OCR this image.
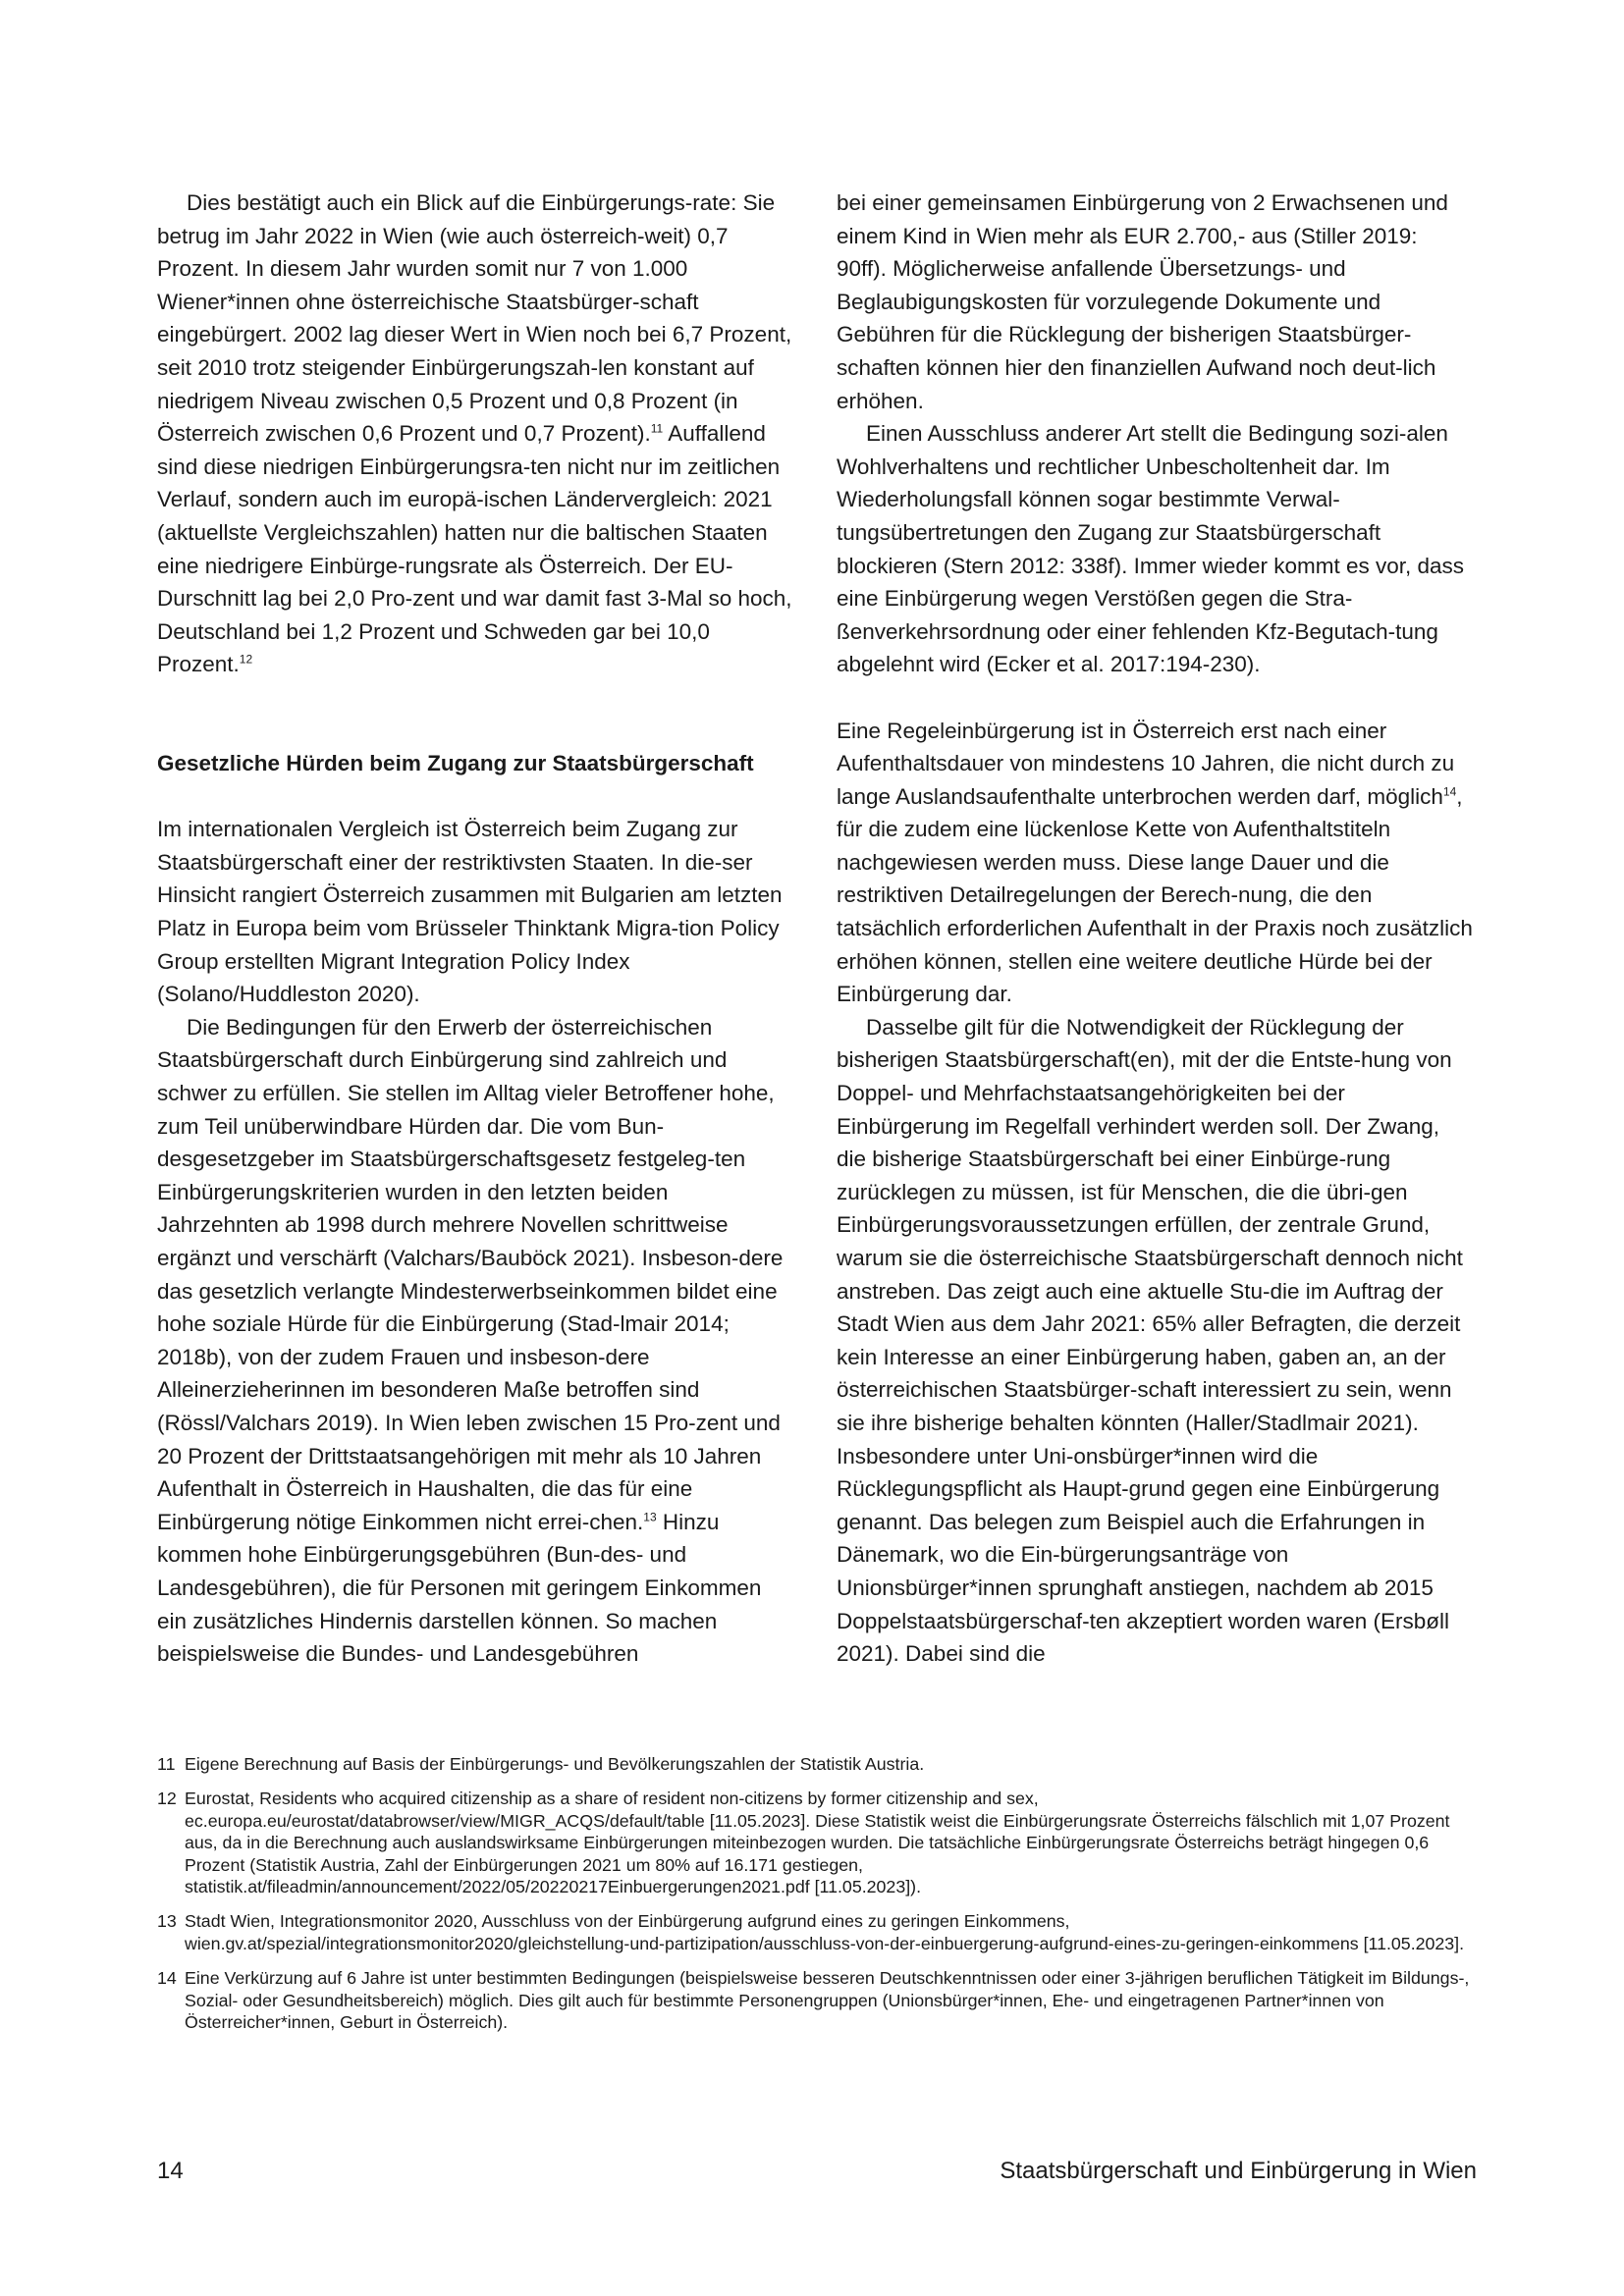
Dies bestätigt auch ein Blick auf die Einbürgerungs-rate: Sie betrug im Jahr 2022 in Wien (wie auch österreich-weit) 0,7 Prozent. In diesem Jahr wurden somit nur 7 von 1.000 Wiener*innen ohne österreichische Staatsbürger-schaft eingebürgert. 2002 lag dieser Wert in Wien noch bei 6,7 Prozent, seit 2010 trotz steigender Einbürgerungszah-len konstant auf niedrigem Niveau zwischen 0,5 Prozent und 0,8 Prozent (in Österreich zwischen 0,6 Prozent und 0,7 Prozent).$^{11}$ Auffallend sind diese niedrigen Einbürgerungsra-ten nicht nur im zeitlichen Verlauf, sondern auch im europä-ischen Ländervergleich: 2021 (aktuellste Vergleichszahlen) hatten nur die baltischen Staaten eine niedrigere Einbürge-rungsrate als Österreich. Der EU-Durschnitt lag bei 2,0 Pro-zent und war damit fast 3-Mal so hoch, Deutschland bei 1,2 Prozent und Schweden gar bei 10,0 Prozent.$^{12}$

Gesetzliche Hürden beim Zugang zur Staatsbürgerschaft

Im internationalen Vergleich ist Österreich beim Zugang zur Staatsbürgerschaft einer der restriktivsten Staaten. In die-ser Hinsicht rangiert Österreich zusammen mit Bulgarien am letzten Platz in Europa beim vom Brüsseler Thinktank Migra-tion Policy Group erstellten Migrant Integration Policy Index (Solano/Huddleston 2020).

Die Bedingungen für den Erwerb der österreichischen Staatsbürgerschaft durch Einbürgerung sind zahlreich und schwer zu erfüllen. Sie stellen im Alltag vieler Betroffener hohe, zum Teil unüberwindbare Hürden dar. Die vom Bun-desgesetzgeber im Staatsbürgerschaftsgesetz festgeleg-ten Einbürgerungskriterien wurden in den letzten beiden Jahrzehnten ab 1998 durch mehrere Novellen schrittweise ergänzt und verschärft (Valchars/Bauböck 2021). Insbeson-dere das gesetzlich verlangte Mindesterwerbseinkommen bildet eine hohe soziale Hürde für die Einbürgerung (Stad-lmair 2014; 2018b), von der zudem Frauen und insbeson-dere Alleinerzieherinnen im besonderen Maße betroffen sind (Rössl/Valchars 2019). In Wien leben zwischen 15 Pro-zent und 20 Prozent der Drittstaatsangehörigen mit mehr als 10 Jahren Aufenthalt in Österreich in Haushalten, die das für eine Einbürgerung nötige Einkommen nicht errei-chen.$^{13}$ Hinzu kommen hohe Einbürgerungsgebühren (Bun-des- und Landesgebühren), die für Personen mit geringem Einkommen ein zusätzliches Hindernis darstellen können. So machen beispielsweise die Bundes- und Landesgebühren

bei einer gemeinsamen Einbürgerung von 2 Erwachsenen und einem Kind in Wien mehr als EUR 2.700,- aus (Stiller 2019: 90ff). Möglicherweise anfallende Übersetzungs- und Beglaubigungskosten für vorzulegende Dokumente und Gebühren für die Rücklegung der bisherigen Staatsbürger-schaften können hier den finanziellen Aufwand noch deut-lich erhöhen.

Einen Ausschluss anderer Art stellt die Bedingung sozi-alen Wohlverhaltens und rechtlicher Unbescholtenheit dar. Im Wiederholungsfall können sogar bestimmte Verwal-tungsübertretungen den Zugang zur Staatsbürgerschaft blockieren (Stern 2012: 338f). Immer wieder kommt es vor, dass eine Einbürgerung wegen Verstößen gegen die Stra-ßenverkehrsordnung oder einer fehlenden Kfz-Begutach-tung abgelehnt wird (Ecker et al. 2017:194-230).

Eine Regeleinbürgerung ist in Österreich erst nach einer Aufenthaltsdauer von mindestens 10 Jahren, die nicht durch zu lange Auslandsaufenthalte unterbrochen werden darf, möglich$^{14}$, für die zudem eine lückenlose Kette von Aufenthaltstiteln nachgewiesen werden muss. Diese lange Dauer und die restriktiven Detailregelungen der Berech-nung, die den tatsächlich erforderlichen Aufenthalt in der Praxis noch zusätzlich erhöhen können, stellen eine weitere deutliche Hürde bei der Einbürgerung dar.

Dasselbe gilt für die Notwendigkeit der Rücklegung der bisherigen Staatsbürgerschaft(en), mit der die Entste-hung von Doppel- und Mehrfachstaatsangehörigkeiten bei der Einbürgerung im Regelfall verhindert werden soll. Der Zwang, die bisherige Staatsbürgerschaft bei einer Einbürge-rung zurücklegen zu müssen, ist für Menschen, die die übri-gen Einbürgerungsvoraussetzungen erfüllen, der zentrale Grund, warum sie die österreichische Staatsbürgerschaft dennoch nicht anstreben. Das zeigt auch eine aktuelle Stu-die im Auftrag der Stadt Wien aus dem Jahr 2021: 65% aller Befragten, die derzeit kein Interesse an einer Einbürgerung haben, gaben an, an der österreichischen Staatsbürger-schaft interessiert zu sein, wenn sie ihre bisherige behalten könnten (Haller/Stadlmair 2021). Insbesondere unter Uni-onsbürger*innen wird die Rücklegungspflicht als Haupt-grund gegen eine Einbürgerung genannt. Das belegen zum Beispiel auch die Erfahrungen in Dänemark, wo die Ein-bürgerungsanträge von Unionsbürger*innen sprunghaft anstiegen, nachdem ab 2015 Doppelstaatsbürgerschaf-ten akzeptiert worden waren (Ersbøll 2021). Dabei sind die

11 Eigene Berechnung auf Basis der Einbürgerungs- und Bevölkerungszahlen der Statistik Austria.
12 Eurostat, Residents who acquired citizenship as a share of resident non-citizens by former citizenship and sex, ec.europa.eu/eurostat/databrowser/view/MIGR_ACQS/default/table [11.05.2023]. Diese Statistik weist die Einbürgerungsrate Österreichs fälschlich mit 1,07 Prozent aus, da in die Berechnung auch auslandswirksame Einbürgerungen miteinbezogen wurden. Die tatsächliche Einbürgerungsrate Österreichs beträgt hingegen 0,6 Prozent (Statistik Austria, Zahl der Einbürgerungen 2021 um 80% auf 16.171 gestiegen, statistik.at/fileadmin/announcement/2022/05/20220217Einbuergerungen2021.pdf [11.05.2023]).
13 Stadt Wien, Integrationsmonitor 2020, Ausschluss von der Einbürgerung aufgrund eines zu geringen Einkommens, wien.gv.at/spezial/integrationsmonitor2020/gleichstellung-und-partizipation/ausschluss-von-der-einbuergerung-aufgrund-eines-zu-geringen-einkommens [11.05.2023].
14 Eine Verkürzung auf 6 Jahre ist unter bestimmten Bedingungen (beispielsweise besseren Deutschkenntnissen oder einer 3-jährigen beruflichen Tätigkeit im Bildungs-, Sozial- oder Gesundheitsbereich) möglich. Dies gilt auch für bestimmte Personengruppen (Unionsbürger*innen, Ehe- und eingetragenen Partner*innen von Österreicher*innen, Geburt in Österreich).
14	Staatsbürgerschaft und Einbürgerung in Wien
